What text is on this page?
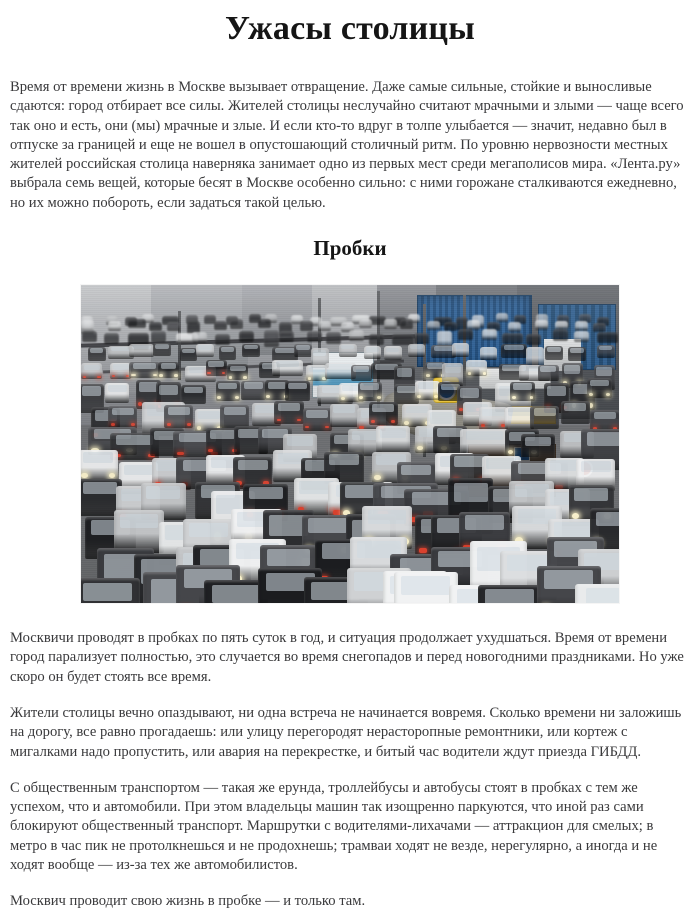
Ужасы столицы

Время от времени жизнь в Москве вызывает отвращение. Даже самые сильные, стойкие и выносливые сдаются: город отбирает все силы. Жителей столицы неслучайно считают мрачными и злыми — чаще всего так оно и есть, они (мы) мрачные и злые. И если кто-то вдруг в толпе улыбается — значит, недавно был в отпуске за границей и еще не вошел в опустошающий столичный ритм. По уровню нервозности местных жителей российская столица наверняка занимает одно из первых мест среди мегаполисов мира. «Лента.ру» выбрала семь вещей, которые бесят в Москве особенно сильно: с ними горожане сталкиваются ежедневно, но их можно побороть, если задаться такой целью.

Пробки

Москвичи проводят в пробках по пять суток в год, и ситуация продолжает ухудшаться. Время от времени город парализует полностью, это случается во время снегопадов и перед новогодними праздниками. Но уже скоро он будет стоять все время.

Жители столицы вечно опаздывают, ни одна встреча не начинается вовремя. Сколько времени ни заложишь на дорогу, все равно прогадаешь: или улицу перегородят нерасторопные ремонтники, или кортеж с мигалками надо пропустить, или авария на перекрестке, и битый час водители ждут приезда ГИБДД.

С общественным транспортом — такая же ерунда, троллейбусы и автобусы стоят в пробках с тем же успехом, что и автомобили. При этом владельцы машин так изощренно паркуются, что иной раз сами блокируют общественный транспорт. Маршрутки с водителями-лихачами — аттракцион для смелых; в метро в час пик не протолкнешься и не продохнешь; трамваи ходят не везде, нерегулярно, а иногда и не ходят вообще — из-за тех же автомобилистов.

Москвич проводит свою жизнь в пробке — и только там.
